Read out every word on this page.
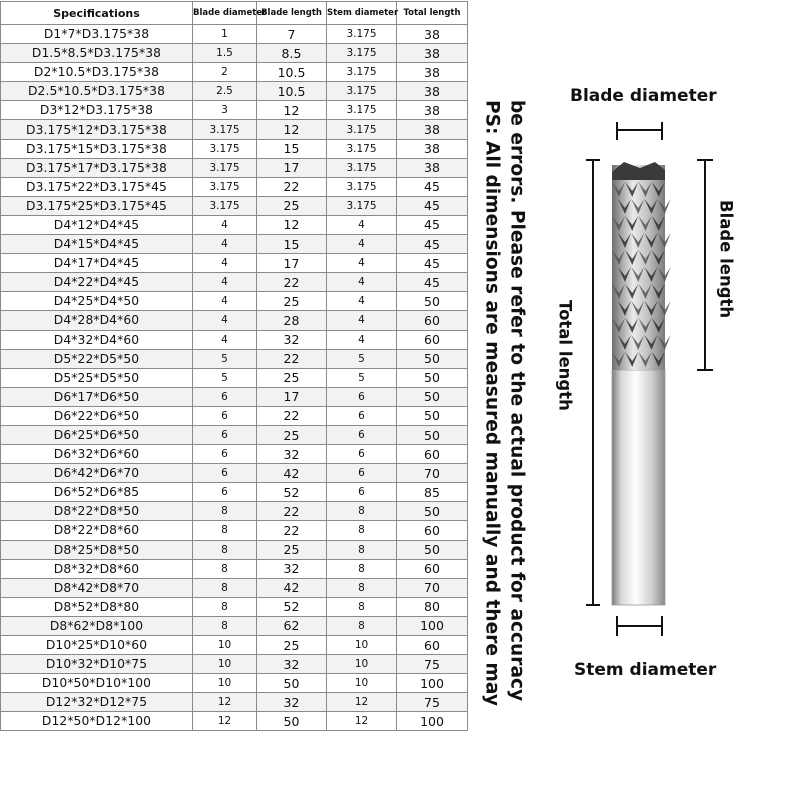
Specifications	Blade diameter	Blade length	Stem diameter	Total length
D1*7*D3.175*38	1	7	3.175	38
D1.5*8.5*D3.175*38	1.5	8.5	3.175	38
D2*10.5*D3.175*38	2	10.5	3.175	38
D2.5*10.5*D3.175*38	2.5	10.5	3.175	38
D3*12*D3.175*38	3	12	3.175	38
D3.175*12*D3.175*38	3.175	12	3.175	38
D3.175*15*D3.175*38	3.175	15	3.175	38
D3.175*17*D3.175*38	3.175	17	3.175	38
D3.175*22*D3.175*45	3.175	22	3.175	45
D3.175*25*D3.175*45	3.175	25	3.175	45
D4*12*D4*45	4	12	4	45
D4*15*D4*45	4	15	4	45
D4*17*D4*45	4	17	4	45
D4*22*D4*45	4	22	4	45
D4*25*D4*50	4	25	4	50
D4*28*D4*60	4	28	4	60
D4*32*D4*60	4	32	4	60
D5*22*D5*50	5	22	5	50
D5*25*D5*50	5	25	5	50
D6*17*D6*50	6	17	6	50
D6*22*D6*50	6	22	6	50
D6*25*D6*50	6	25	6	50
D6*32*D6*60	6	32	6	60
D6*42*D6*70	6	42	6	70
D6*52*D6*85	6	52	6	85
D8*22*D8*50	8	22	8	50
D8*22*D8*60	8	22	8	60
D8*25*D8*50	8	25	8	50
D8*32*D8*60	8	32	8	60
D8*42*D8*70	8	42	8	70
D8*52*D8*80	8	52	8	80
D8*62*D8*100	8	62	8	100
D10*25*D10*60	10	25	10	60
D10*32*D10*75	10	32	10	75
D10*50*D10*100	10	50	10	100
D12*32*D12*75	12	32	12	75
D12*50*D12*100	12	50	12	100
be errors. Please refer to the actual product for accuracy
PS: All dimensions are measured manually and there may
Blade diameter
Stem diameter
Blade length
Total length
